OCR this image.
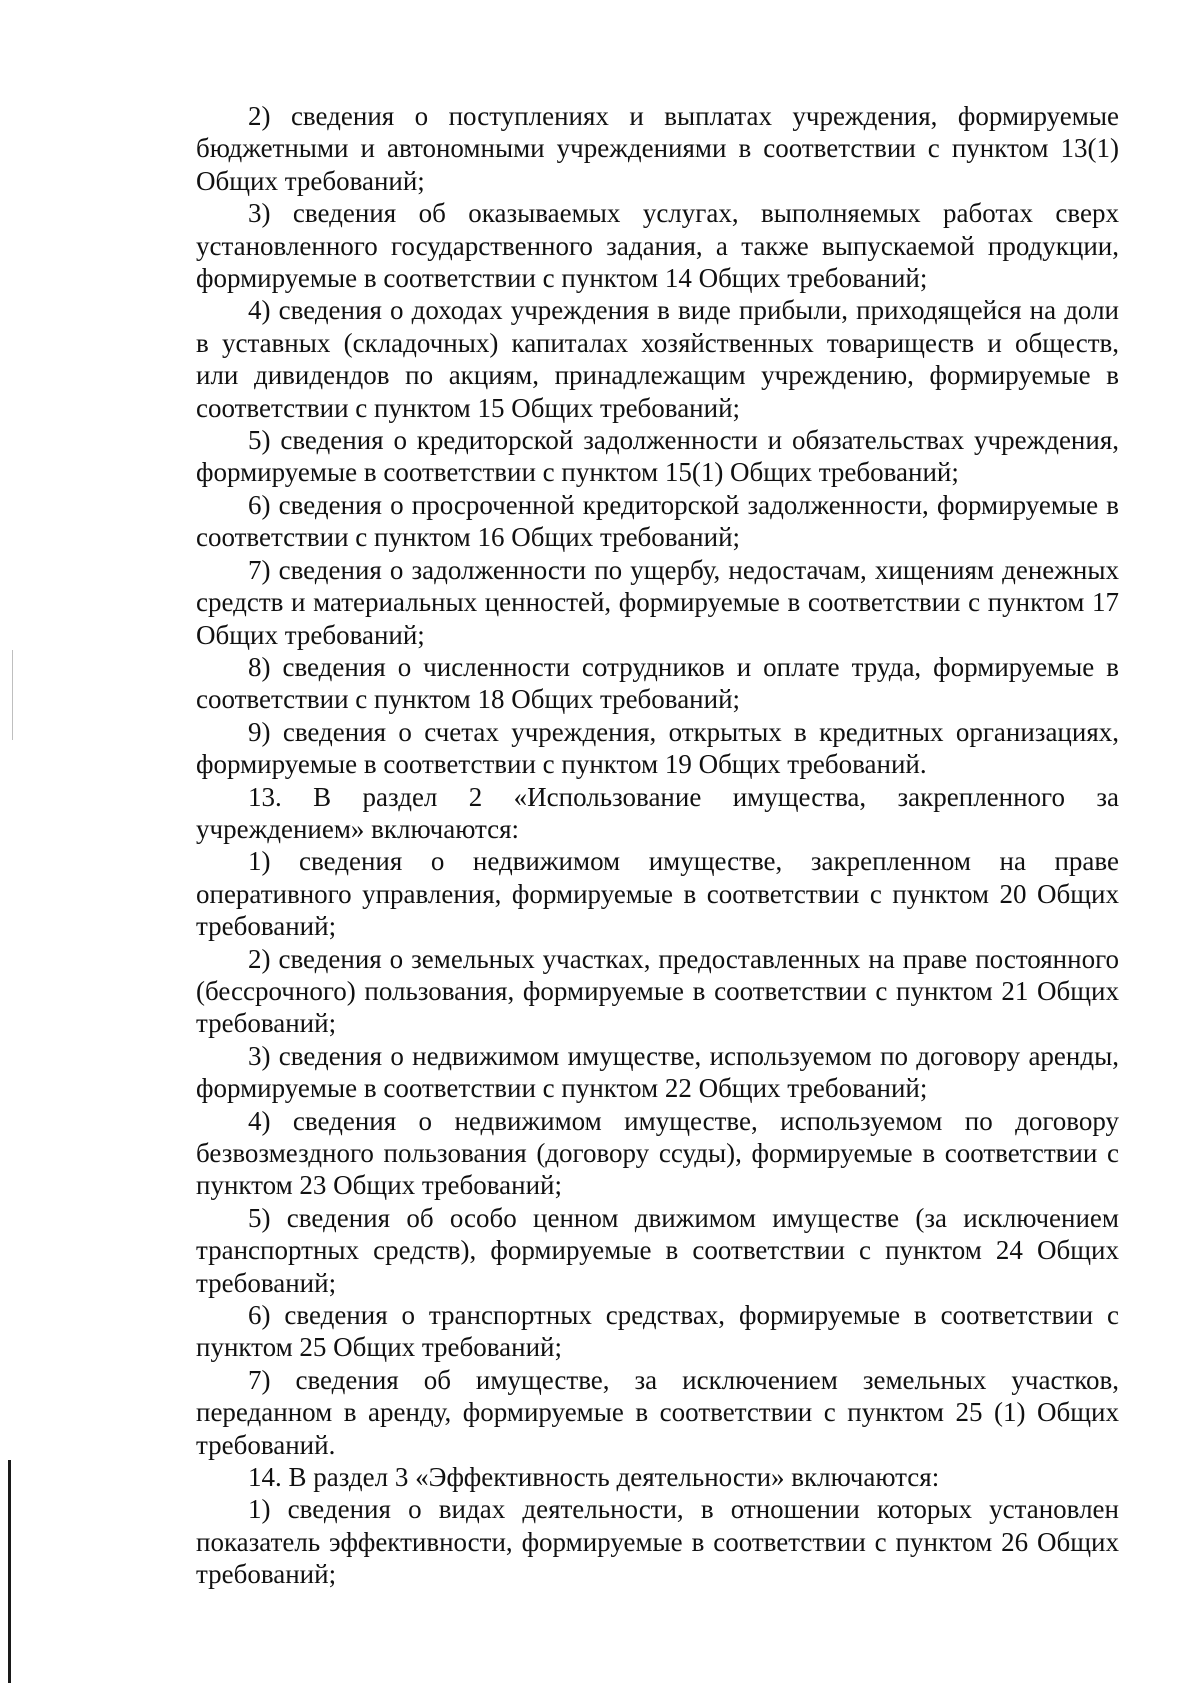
2) сведения о поступлениях и выплатах учреждения, формируемые бюджетными и автономными учреждениями в соответствии с пунктом 13(1) Общих требований;

3) сведения об оказываемых услугах, выполняемых работах сверх установленного государственного задания, а также выпускаемой продукции, формируемые в соответствии с пунктом 14 Общих требований;

4) сведения о доходах учреждения в виде прибыли, приходящейся на доли в уставных (складочных) капиталах хозяйственных товариществ и обществ, или дивидендов по акциям, принадлежащим учреждению, формируемые в соответствии с пунктом 15 Общих требований;

5) сведения о кредиторской задолженности и обязательствах учреждения, формируемые в соответствии с пунктом 15(1) Общих требований;

6) сведения о просроченной кредиторской задолженности, формируемые в соответствии с пунктом 16 Общих требований;

7) сведения о задолженности по ущербу, недостачам, хищениям денежных средств и материальных ценностей, формируемые в соответствии с пунктом 17 Общих требований;

8) сведения о численности сотрудников и оплате труда, формируемые в соответствии с пунктом 18 Общих требований;

9) сведения о счетах учреждения, открытых в кредитных организациях, формируемые в соответствии с пунктом 19 Общих требований.

13. В раздел 2 «Использование имущества, закрепленного за учреждением» включаются:

1) сведения о недвижимом имуществе, закрепленном на праве оперативного управления, формируемые в соответствии с пунктом 20 Общих требований;

2) сведения о земельных участках, предоставленных на праве постоянного (бессрочного) пользования, формируемые в соответствии с пунктом 21 Общих требований;

3) сведения о недвижимом имуществе, используемом по договору аренды, формируемые в соответствии с пунктом 22 Общих требований;

4) сведения о недвижимом имуществе, используемом по договору безвозмездного пользования (договору ссуды), формируемые в соответствии с пунктом 23 Общих требований;

5) сведения об особо ценном движимом имуществе (за исключением транспортных средств), формируемые в соответствии с пунктом 24 Общих требований;

6) сведения о транспортных средствах, формируемые в соответствии с пунктом 25 Общих требований;

7) сведения об имуществе, за исключением земельных участков, переданном в аренду, формируемые в соответствии с пунктом 25 (1) Общих требований.

14. В раздел 3 «Эффективность деятельности» включаются:

1) сведения о видах деятельности, в отношении которых установлен показатель эффективности, формируемые в соответствии с пунктом 26 Общих требований;
